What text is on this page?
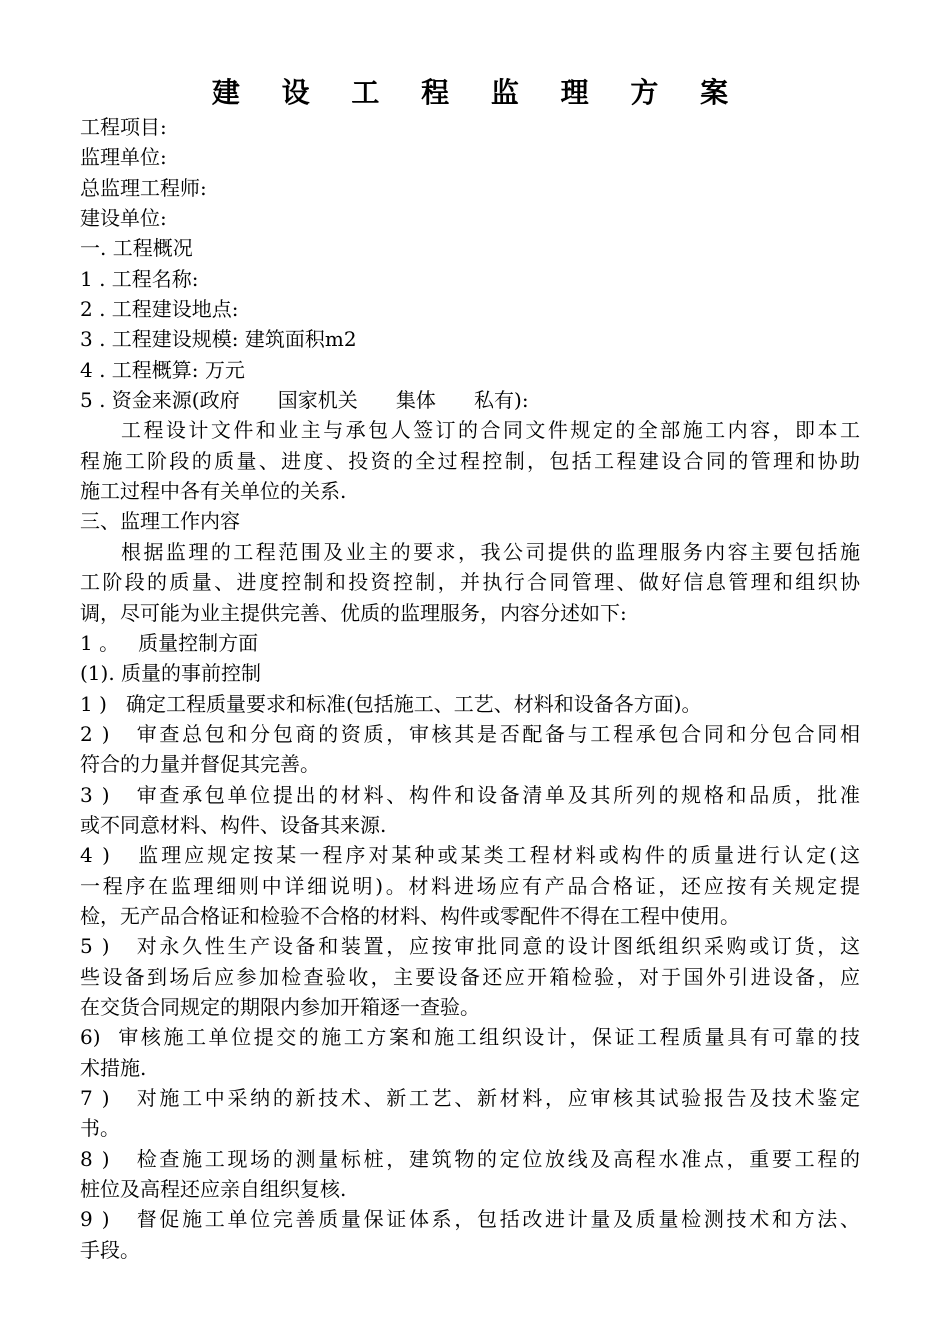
建 设 工 程 监 理 方 案
工程项目:
监理单位:
总监理工程师:
建设单位:
一. 工程概况
1 . 工程名称:
2 . 工程建设地点:
3 . 工程建设规模: 建筑面积m2
4 . 工程概算: 万元
5 . 资金来源(政府      国家机关      集体      私有):
工程设计文件和业主与承包人签订的合同文件规定的全部施工内容，即本工
程施工阶段的质量、进度、投资的全过程控制，包括工程建设合同的管理和协助
施工过程中各有关单位的关系.
三、监理工作内容
根据监理的工程范围及业主的要求，我公司提供的监理服务内容主要包括施
工阶段的质量、进度控制和投资控制，并执行合同管理、做好信息管理和组织协
调，尽可能为业主提供完善、优质的监理服务，内容分述如下:
1 。   质量控制方面
(1). 质量的事前控制
1 )   确定工程质量要求和标准(包括施工、工艺、材料和设备各方面)。
2 )   审查总包和分包商的资质，审核其是否配备与工程承包合同和分包合同相
符合的力量并督促其完善。
3 )   审查承包单位提出的材料、构件和设备清单及其所列的规格和品质，批准
或不同意材料、构件、设备其来源.
4 )   监理应规定按某一程序对某种或某类工程材料或构件的质量进行认定(这
一程序在监理细则中详细说明)。材料进场应有产品合格证，还应按有关规定提
检，无产品合格证和检验不合格的材料、构件或零配件不得在工程中使用。
5 )   对永久性生产设备和装置，应按审批同意的设计图纸组织采购或订货，这
些设备到场后应参加检查验收，主要设备还应开箱检验，对于国外引进设备，应
在交货合同规定的期限内参加开箱逐一查验。
6)  审核施工单位提交的施工方案和施工组织设计，保证工程质量具有可靠的技
术措施.
7 )   对施工中采纳的新技术、新工艺、新材料，应审核其试验报告及技术鉴定
书。
8 )   检查施工现场的测量标桩，建筑物的定位放线及高程水准点，重要工程的
桩位及高程还应亲自组织复核.
9 )   督促施工单位完善质量保证体系，包括改进计量及质量检测技术和方法、
手段。
